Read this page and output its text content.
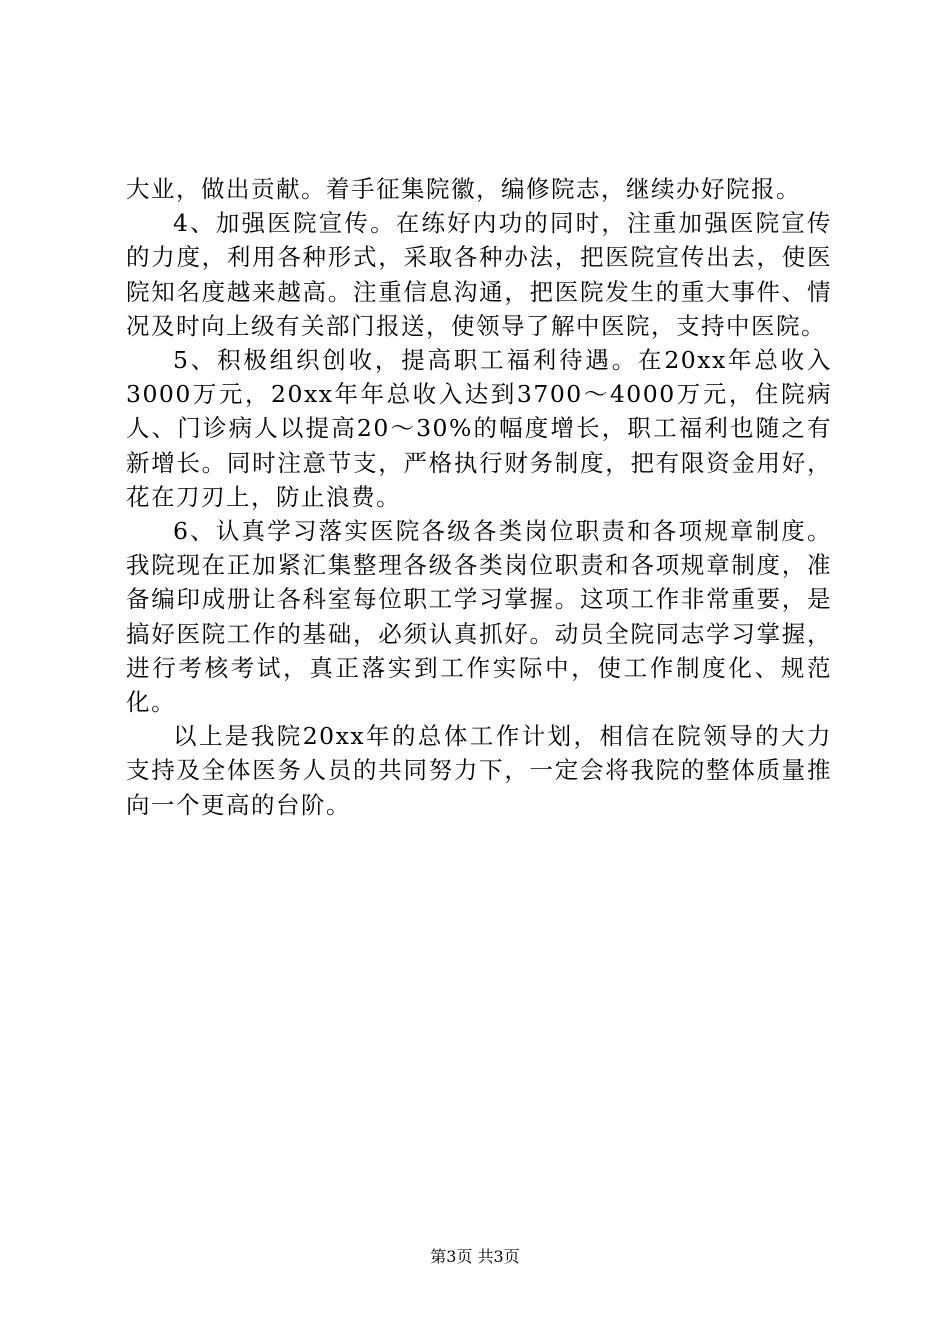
大业，做出贡献。着手征集院徽，编修院志，继续办好院报。

4、加强医院宣传。在练好内功的同时，注重加强医院宣传的力度，利用各种形式，采取各种办法，把医院宣传出去，使医院知名度越来越高。注重信息沟通，把医院发生的重大事件、情况及时向上级有关部门报送，使领导了解中医院，支持中医院。

5、积极组织创收，提高职工福利待遇。在20xx年总收入3000万元，20xx年年总收入达到3700～4000万元，住院病人、门诊病人以提高20～30%的幅度增长，职工福利也随之有新增长。同时注意节支，严格执行财务制度，把有限资金用好，花在刀刃上，防止浪费。

6、认真学习落实医院各级各类岗位职责和各项规章制度。我院现在正加紧汇集整理各级各类岗位职责和各项规章制度，准备编印成册让各科室每位职工学习掌握。这项工作非常重要，是搞好医院工作的基础，必须认真抓好。动员全院同志学习掌握，进行考核考试，真正落实到工作实际中，使工作制度化、规范化。

以上是我院20xx年的总体工作计划，相信在院领导的大力支持及全体医务人员的共同努力下，一定会将我院的整体质量推向一个更高的台阶。

第3页 共3页
